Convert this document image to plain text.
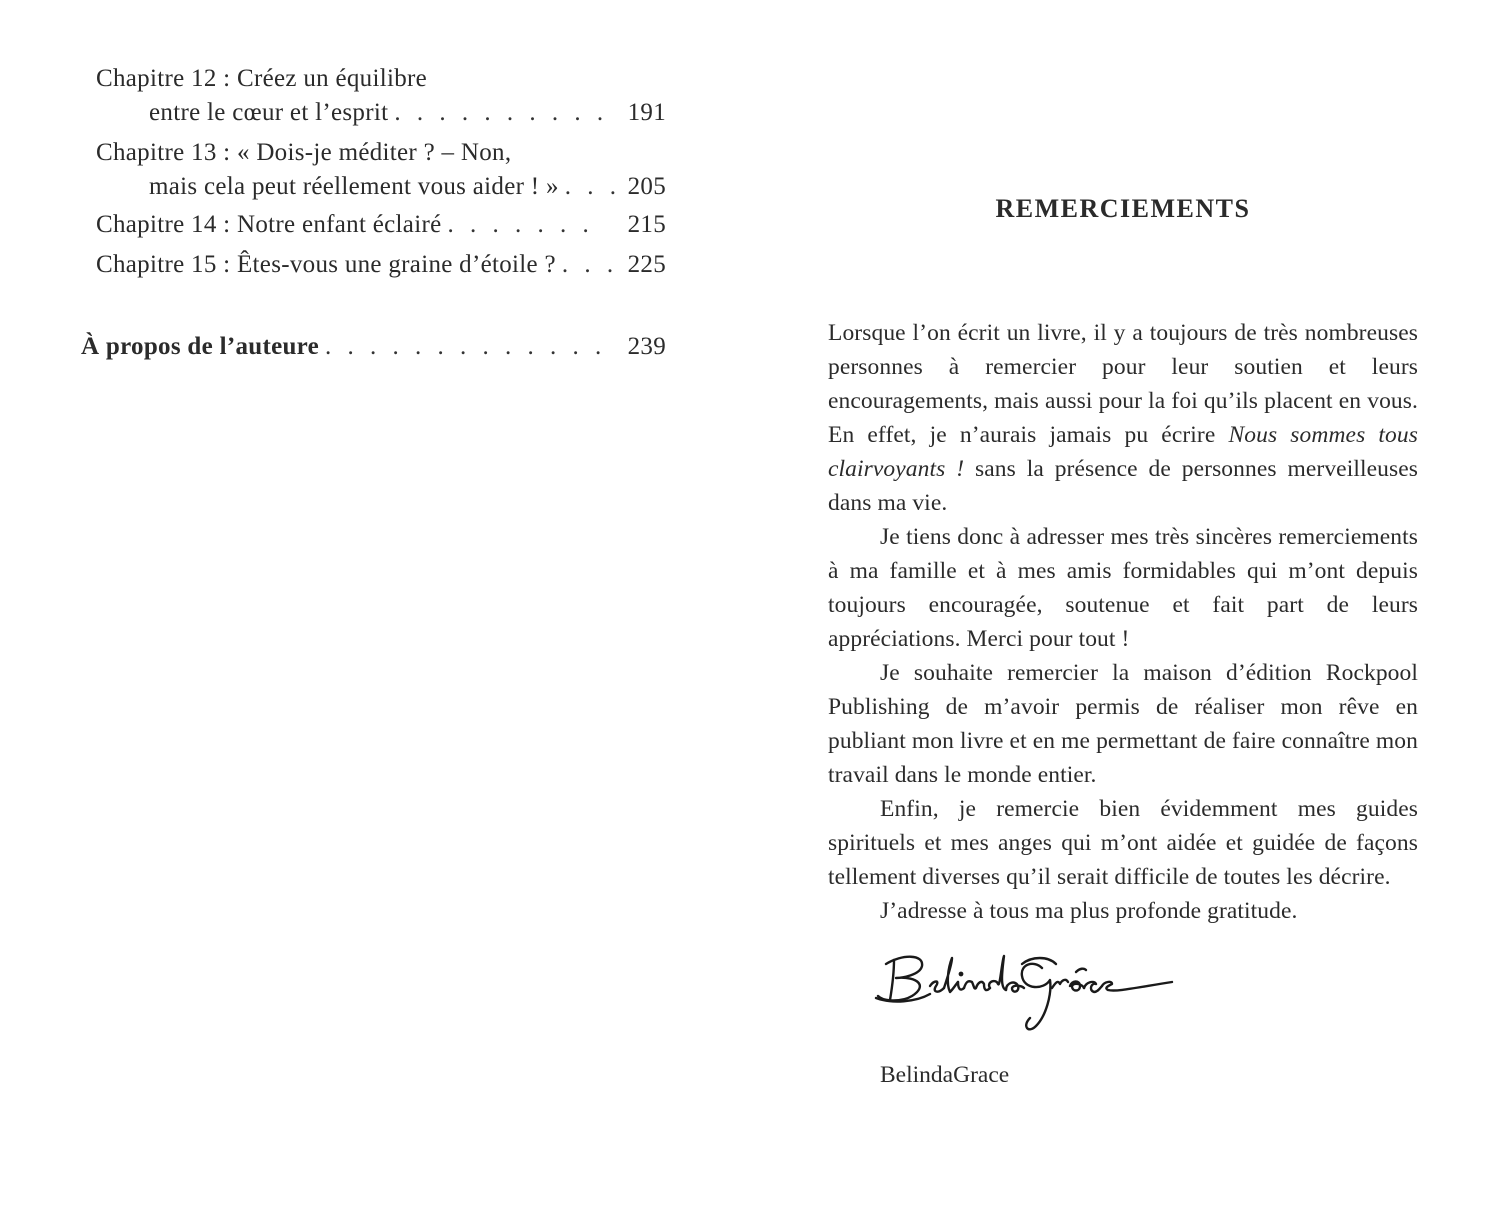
Chapitre 12 : Créez un équilibre
entre le cœur et l’esprit . . .	191
Chapitre 13 : « Dois-je méditer ? – Non,
mais cela peut réellement vous aider ! » . . .	205
Chapitre 14 : Notre enfant éclairé . . .	215
Chapitre 15 : Êtes-vous une graine d’étoile ? . . .	225
À propos de l’auteure . . .	239
REMERCIEMENTS

Lorsque l’on écrit un livre, il y a toujours de très nombreuses personnes à remercier pour leur soutien et leurs encouragements, mais aussi pour la foi qu’ils placent en vous. En effet, je n’aurais jamais pu écrire Nous sommes tous clairvoyants ! sans la présence de personnes merveilleuses dans ma vie.

Je tiens donc à adresser mes très sincères remerciements à ma famille et à mes amis formidables qui m’ont depuis toujours encouragée, soutenue et fait part de leurs appréciations. Merci pour tout !

Je souhaite remercier la maison d’édition Rockpool Publishing de m’avoir permis de réaliser mon rêve en publiant mon livre et en me permettant de faire connaître mon travail dans le monde entier.

Enfin, je remercie bien évidemment mes guides spirituels et mes anges qui m’ont aidée et guidée de façons tellement diverses qu’il serait difficile de toutes les décrire.

J’adresse à tous ma plus profonde gratitude.

BelindaGrace
